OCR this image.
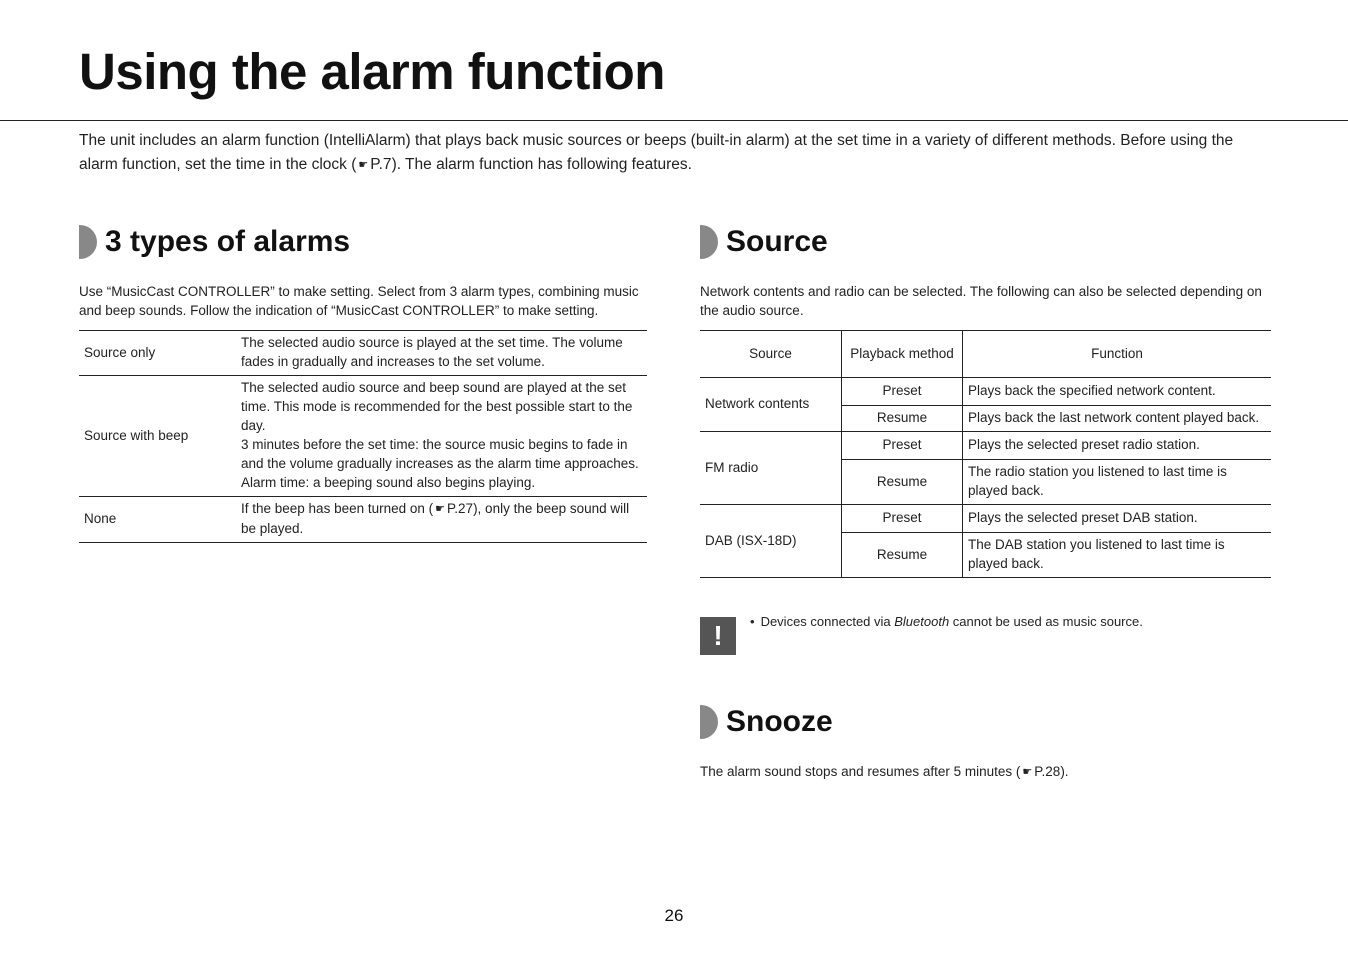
Using the alarm function

The unit includes an alarm function (IntelliAlarm) that plays back music sources or beeps (built-in alarm) at the set time in a variety of different methods. Before using the alarm function, set the time in the clock ( ☛ P.7). The alarm function has following features.

3 types of alarms

Use “MusicCast CONTROLLER” to make setting. Select from 3 alarm types, combining music and beep sounds. Follow the indication of “MusicCast CONTROLLER” to make setting.

Source only	The selected audio source is played at the set time. The volume fades in gradually and increases to the set volume.
Source with beep	The selected audio source and beep sound are played at the set time. This mode is recommended for the best possible start to the day.
3 minutes before the set time: the source music begins to fade in and the volume gradually increases as the alarm time approaches.
Alarm time: a beeping sound also begins playing.

None	If the beep has been turned on ( ☛ P.27), only the beep sound will be played.
Source

Network contents and radio can be selected. The following can also be selected depending on the audio source.

Source	Playback method	Function
Network contents	Preset	Plays back the specified network content.
	Resume	Plays back the last network content played back.
FM radio	Preset	Plays the selected preset radio station.
	Resume	The radio station you listened to last time is played back.
DAB (ISX-18D)	Preset	Plays the selected preset DAB station.
	Resume	The DAB station you listened to last time is played back.
!	• Devices connected via Bluetooth cannot be used as music source.

Snooze

The alarm sound stops and resumes after 5 minutes ( ☛ P.28).

26
